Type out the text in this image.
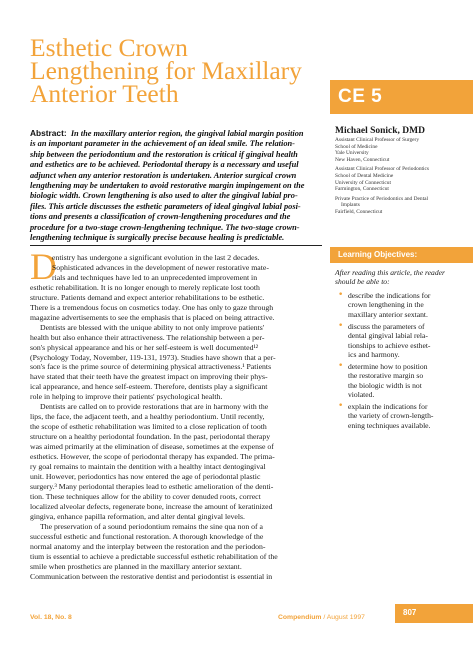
Esthetic Crown
Lengthening for Maxillary
Anterior Teeth	CE 5
Abstract: In the maxillary anterior region, the gingival labial margin position
is an important parameter in the achievement of an ideal smile. The relation-
ship between the periodontium and the restoration is critical if gingival health
and esthetics are to be achieved. Periodontal therapy is a necessary and useful
adjunct when any anterior restoration is undertaken. Anterior surgical crown
lengthening may be undertaken to avoid restorative margin impingement on the
biologic width. Crown lengthening is also used to alter the gingival labial pro-
files. This article discusses the esthetic parameters of ideal gingival labial posi-
tions and presents a classification of crown-lengthening procedures and the
procedure for a two-stage crown-lengthening technique. The two-stage crown-
lengthening technique is surgically precise because healing is predictable.
Michael Sonick, DMD
Assistant Clinical Professor of Surgery
School of Medicine
Yale University
New Haven, Connecticut
Assistant Clinical Professor of Periodontics
School of Dental Medicine
University of Connecticut
Farmington, Connecticut
Private Practice of Periodontics and Dental
Implants
Fairfield, Connecticut
Learning Objectives:
After reading this article, the reader
should be able to:
• describe the indications for
crown lengthening in the
maxillary anterior sextant.
• discuss the parameters of
dental gingival labial rela-
tionships to achieve esthet-
ics and harmony.
• determine how to position
the restorative margin so
the biologic width is not
violated.
• explain the indications for
the variety of crown-length-
ening techniques available.
D
entistry has undergone a significant evolution in the last 2 decades.
Sophisticated advances in the development of newer restorative mate-
rials and techniques have led to an unprecedented improvement in
esthetic rehabilitation. It is no longer enough to merely replicate lost tooth
structure. Patients demand and expect anterior rehabilitations to be esthetic.
There is a tremendous focus on cosmetics today. One has only to gaze through
magazine advertisements to see the emphasis that is placed on being attractive.
Dentists are blessed with the unique ability to not only improve patients'
health but also enhance their attractiveness. The relationship between a per-
son's physical appearance and his or her self-esteem is well documented¹²
(Psychology Today, November, 119-131, 1973). Studies have shown that a per-
son's face is the prime source of determining physical attractiveness.¹ Patients
have stated that their teeth have the greatest impact on improving their phys-
ical appearance, and hence self-esteem. Therefore, dentists play a significant
role in helping to improve their patients' psychological health.
Dentists are called on to provide restorations that are in harmony with the
lips, the face, the adjacent teeth, and a healthy periodontium. Until recently,
the scope of esthetic rehabilitation was limited to a close replication of tooth
structure on a healthy periodontal foundation. In the past, periodontal therapy
was aimed primarily at the elimination of disease, sometimes at the expense of
esthetics. However, the scope of periodontal therapy has expanded. The prima-
ry goal remains to maintain the dentition with a healthy intact dentogingival
unit. However, periodontics has now entered the age of periodontal plastic
surgery.³ Many periodontal therapies lead to esthetic amelioration of the denti-
tion. These techniques allow for the ability to cover denuded roots, correct
localized alveolar defects, regenerate bone, increase the amount of keratinized
gingiva, enhance papilla reformation, and alter dental gingival levels.
The preservation of a sound periodontium remains the sine qua non of a
successful esthetic and functional restoration. A thorough knowledge of the
normal anatomy and the interplay between the restoration and the periodon-
tium is essential to achieve a predictable successful esthetic rehabilitation of the
smile when prosthetics are planned in the maxillary anterior sextant.
Communication between the restorative dentist and periodontist is essential in
Vol. 18, No. 8	Compendium / August 1997
807
